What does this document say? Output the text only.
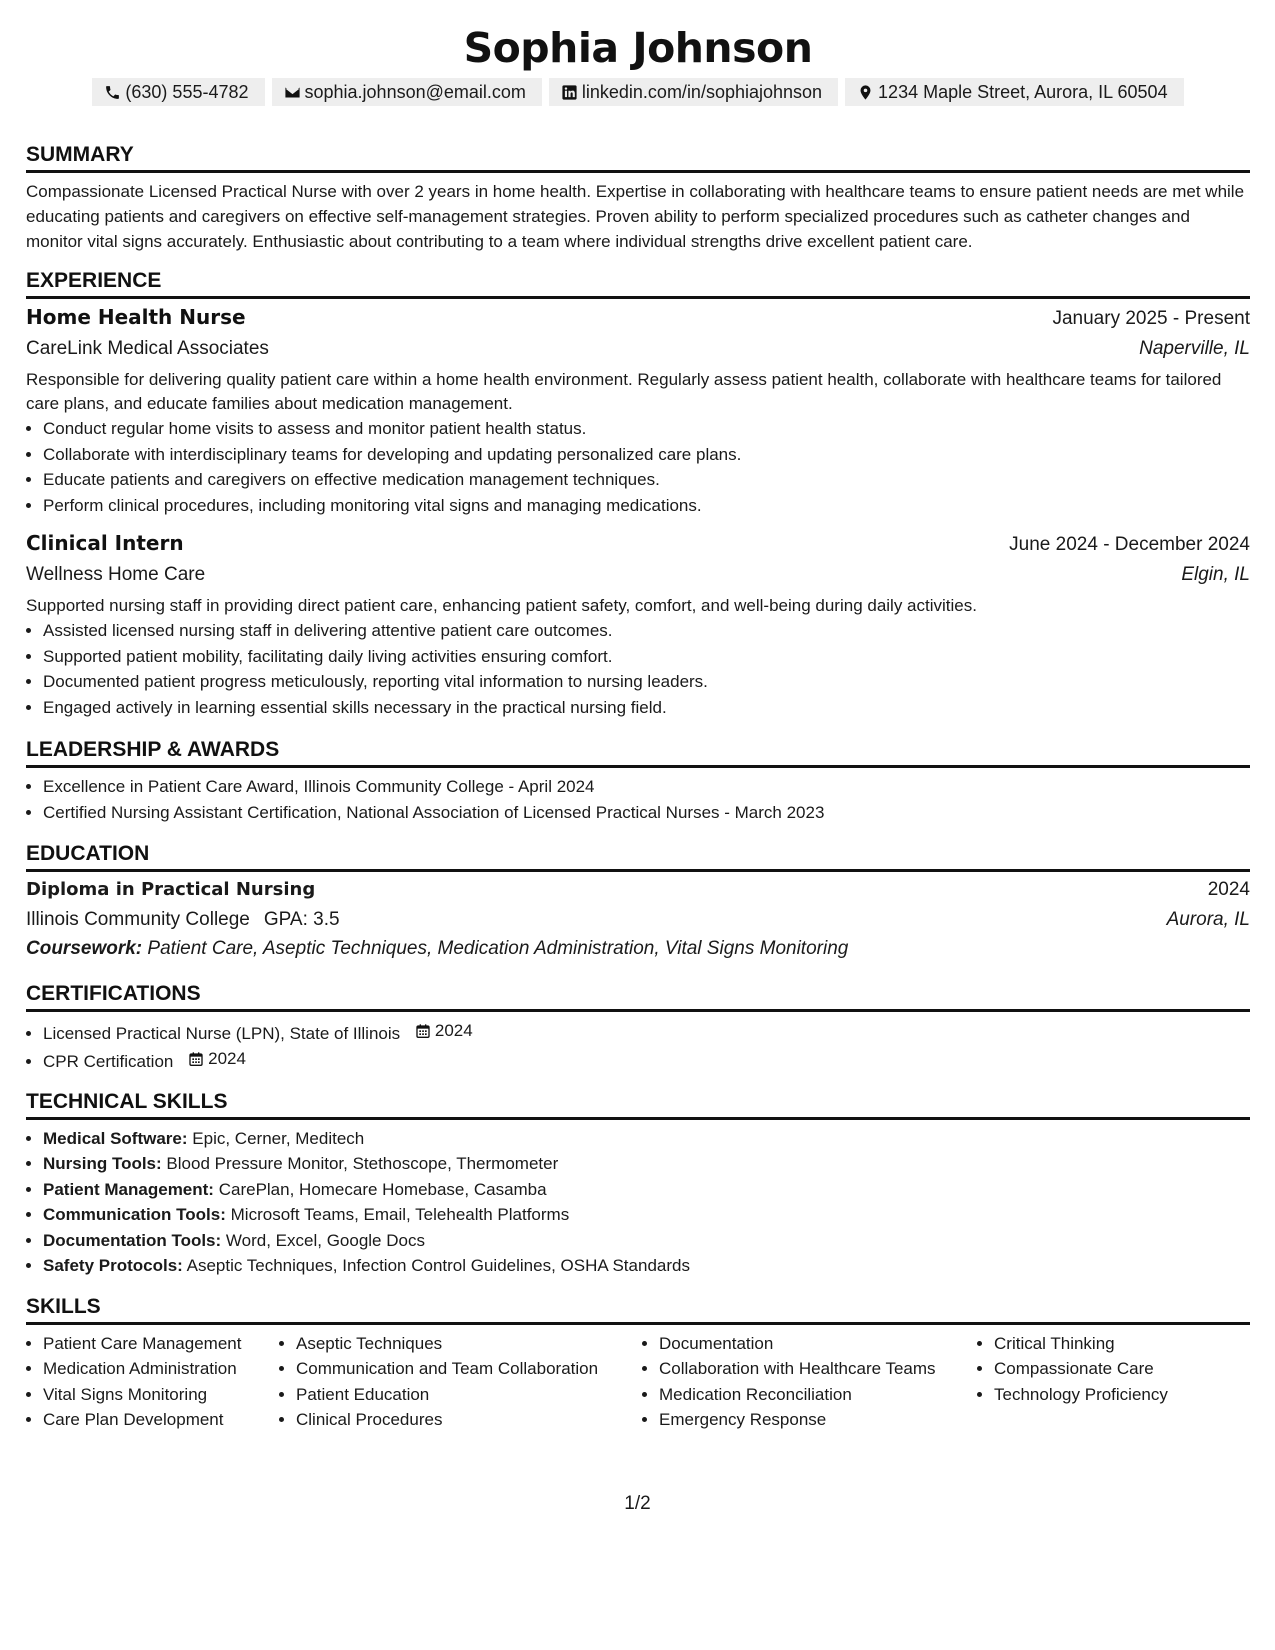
Sophia Johnson
(630) 555-4782	sophia.johnson@email.com	linkedin.com/in/sophiajohnson	1234 Maple Street, Aurora, IL 60504
SUMMARY

Compassionate Licensed Practical Nurse with over 2 years in home health. Expertise in collaborating with healthcare teams to ensure patient needs are met while educating patients and caregivers on effective self-management strategies. Proven ability to perform specialized procedures such as catheter changes and monitor vital signs accurately. Enthusiastic about contributing to a team where individual strengths drive excellent patient care.

EXPERIENCE
Home Health Nurse	January 2025 - Present
CareLink Medical Associates	Naperville, IL

Responsible for delivering quality patient care within a home health environment. Regularly assess patient health, collaborate with healthcare teams for tailored care plans, and educate families about medication management.

• Conduct regular home visits to assess and monitor patient health status.
• Collaborate with interdisciplinary teams for developing and updating personalized care plans.
• Educate patients and caregivers on effective medication management techniques.
• Perform clinical procedures, including monitoring vital signs and managing medications.
Clinical Intern	June 2024 - December 2024
Wellness Home Care	Elgin, IL

Supported nursing staff in providing direct patient care, enhancing patient safety, comfort, and well-being during daily activities.

• Assisted licensed nursing staff in delivering attentive patient care outcomes.
• Supported patient mobility, facilitating daily living activities ensuring comfort.
• Documented patient progress meticulously, reporting vital information to nursing leaders.
• Engaged actively in learning essential skills necessary in the practical nursing field.
LEADERSHIP & AWARDS
• Excellence in Patient Care Award, Illinois Community College - April 2024
• Certified Nursing Assistant Certification, National Association of Licensed Practical Nurses - March 2023
EDUCATION
Diploma in Practical Nursing	2024
Illinois Community College GPA: 3.5	Aurora, IL
Coursework: Patient Care, Aseptic Techniques, Medication Administration, Vital Signs Monitoring
CERTIFICATIONS
• Licensed Practical Nurse (LPN), State of Illinois 2024
• CPR Certification 2024
TECHNICAL SKILLS
• Medical Software: Epic, Cerner, Meditech
• Nursing Tools: Blood Pressure Monitor, Stethoscope, Thermometer
• Patient Management: CarePlan, Homecare Homebase, Casamba
• Communication Tools: Microsoft Teams, Email, Telehealth Platforms
• Documentation Tools: Word, Excel, Google Docs
• Safety Protocols: Aseptic Techniques, Infection Control Guidelines, OSHA Standards
SKILLS
• Patient Care Management
• Medication Administration
• Vital Signs Monitoring
• Care Plan Development
• Aseptic Techniques
• Communication and Team Collaboration
• Patient Education
• Clinical Procedures
• Documentation
• Collaboration with Healthcare Teams
• Medication Reconciliation
• Emergency Response
• Critical Thinking
• Compassionate Care
• Technology Proficiency
1/2
